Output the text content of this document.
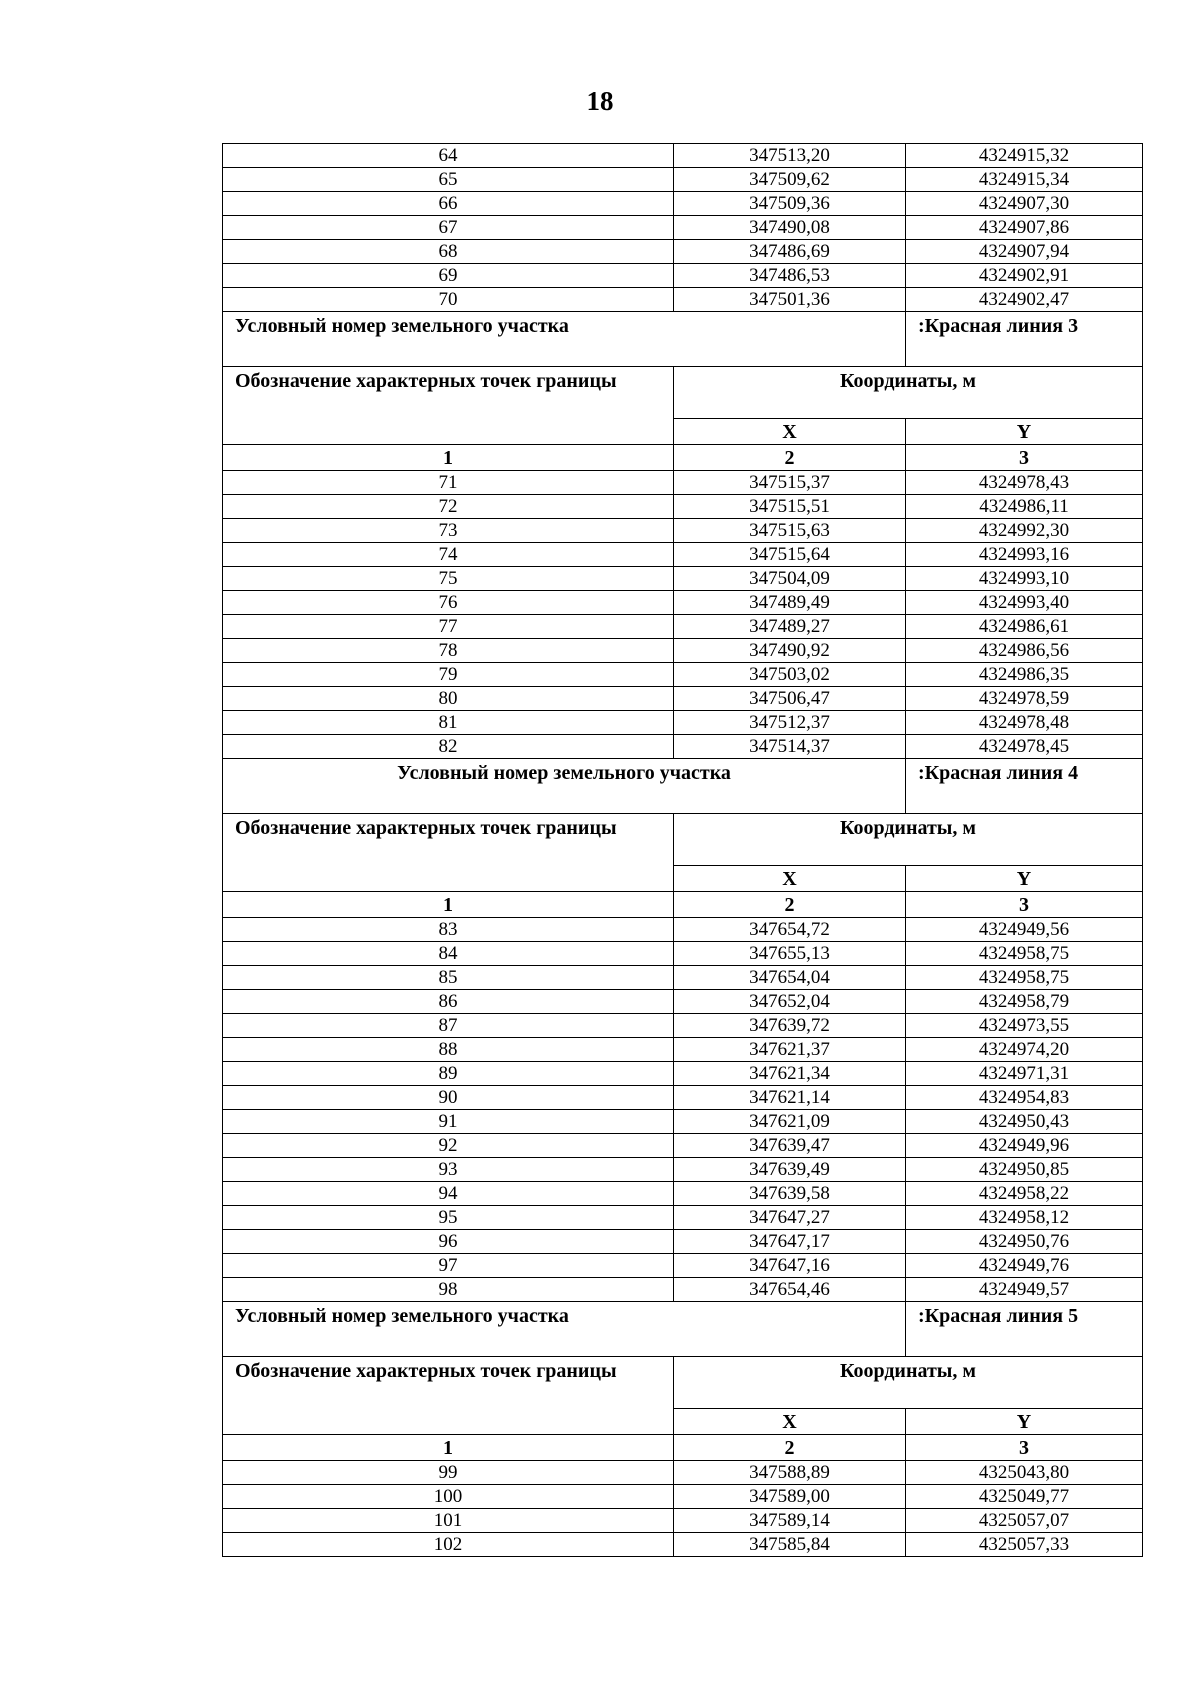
18
64	347513,20	4324915,32
65	347509,62	4324915,34
66	347509,36	4324907,30
67	347490,08	4324907,86
68	347486,69	4324907,94
69	347486,53	4324902,91
70	347501,36	4324902,47
Условный номер земельного участка		:Красная линия 3
Обозначение характерных точек границы	Координаты, м	
	X	Y
1	2	3
71	347515,37	4324978,43
72	347515,51	4324986,11
73	347515,63	4324992,30
74	347515,64	4324993,16
75	347504,09	4324993,10
76	347489,49	4324993,40
77	347489,27	4324986,61
78	347490,92	4324986,56
79	347503,02	4324986,35
80	347506,47	4324978,59
81	347512,37	4324978,48
82	347514,37	4324978,45
Условный номер земельного участка		:Красная линия 4
Обозначение характерных точек границы	Координаты, м	
	X	Y
1	2	3
83	347654,72	4324949,56
84	347655,13	4324958,75
85	347654,04	4324958,75
86	347652,04	4324958,79
87	347639,72	4324973,55
88	347621,37	4324974,20
89	347621,34	4324971,31
90	347621,14	4324954,83
91	347621,09	4324950,43
92	347639,47	4324949,96
93	347639,49	4324950,85
94	347639,58	4324958,22
95	347647,27	4324958,12
96	347647,17	4324950,76
97	347647,16	4324949,76
98	347654,46	4324949,57
Условный номер земельного участка		:Красная линия 5
Обозначение характерных точек границы	Координаты, м	
	X	Y
1	2	3
99	347588,89	4325043,80
100	347589,00	4325049,77
101	347589,14	4325057,07
102	347585,84	4325057,33
